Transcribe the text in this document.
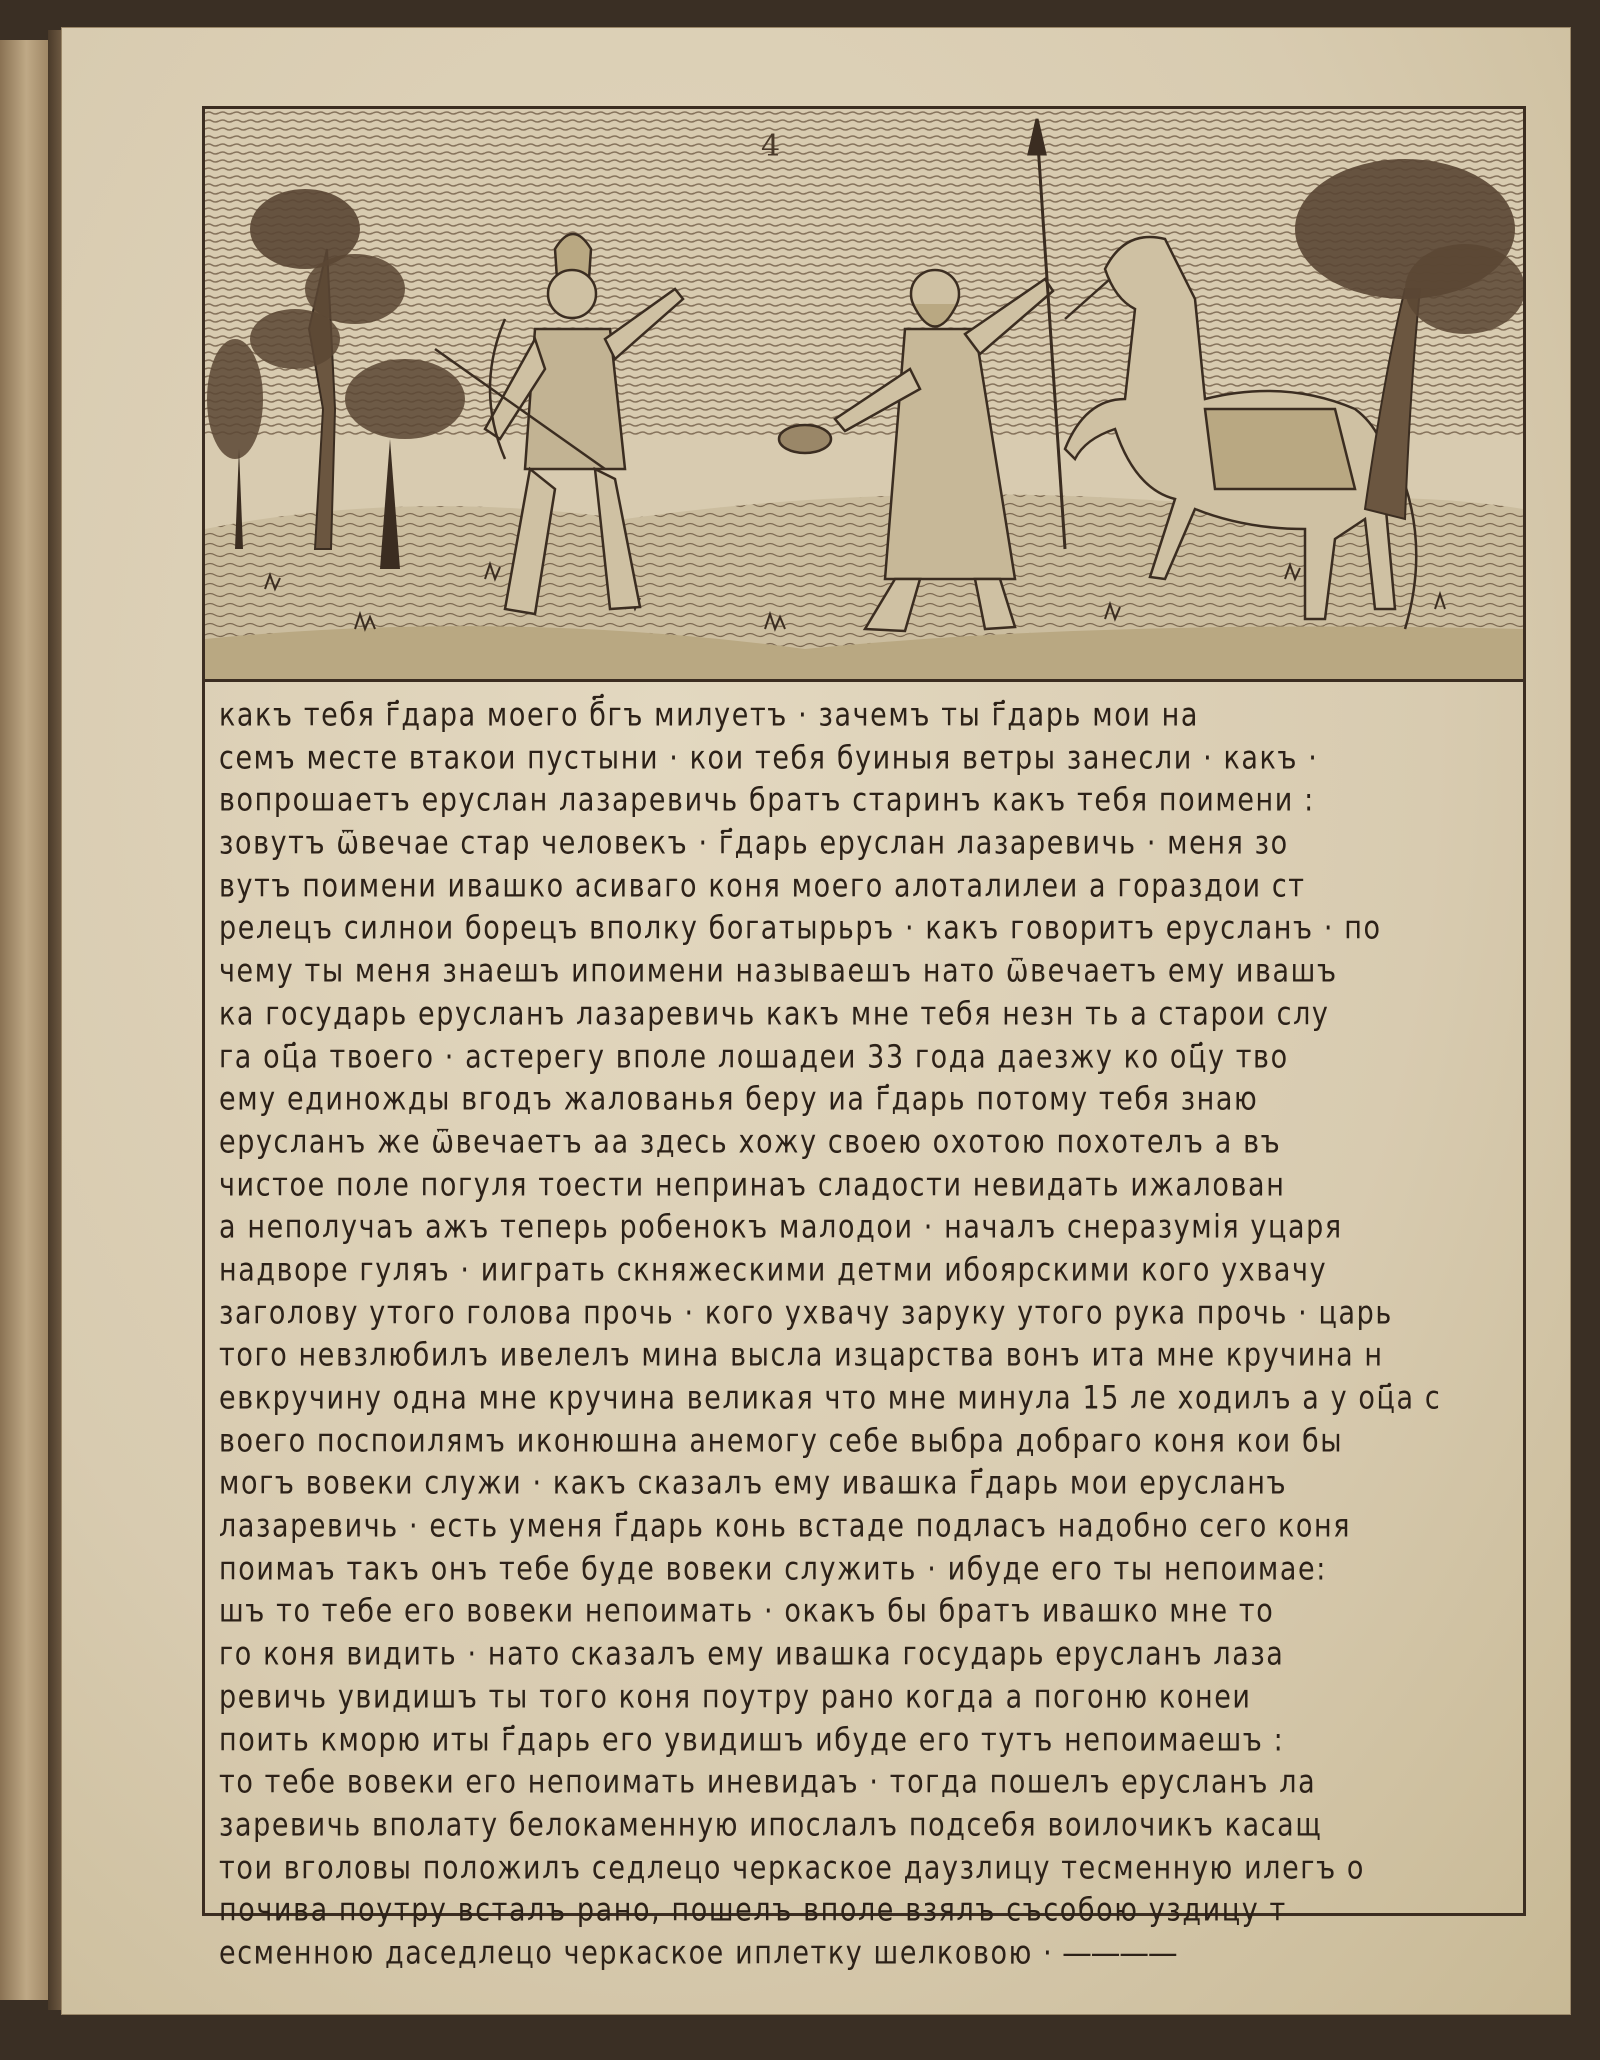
4
какъ тебя г҃дара моего б҃гъ милуетъ · зачемъ ты г҃дарь мои на
семъ месте втакои пустыни · кои тебя буиныя ветры занесли · какъ ·
вопрошаетъ еруслан лазаревичь братъ старинъ какъ тебя поимени :
зовутъ ѿвечае стар человекъ · г҃дарь еруслан лазаревичь · меня зо
вутъ поимени ивашко асиваго коня моего алоталилеи а гораздои ст
релецъ силнои борецъ вполку богатырьръ · какъ говоритъ ерусланъ · по
чему ты меня знаешъ ипоимени называешъ нато ѿвечаетъ ему ивашъ
ка государь ерусланъ лазаревичь какъ мне тебя незн ть а старои слу
га оц҃а твоего · астерегу вполе лошадеи 33 года даезжу ко оц҃у тво
ему единожды вгодъ жалованья беру иа г҃дарь потому тебя знаю
ерусланъ же ѿвечаетъ аа здесь хожу своею охотою похотелъ а въ
чистое поле погуля тоести непринаъ сладости невидать ижалован
а неполучаъ ажъ теперь робенокъ малодои · началъ снеразумія уцаря
надворе гуляъ · иигрaть скняжескими детми ибоярскими кого ухвачу
заголову утого голова прочь · кого ухвачу заруку утого рука прочь · царь
того невзлюбилъ ивелелъ мина высла изцарства вонъ ита мне кручина н
евкручину одна мне кручина великая что мне минула 15 ле ходилъ а у оц҃а с
воего поспоилямъ иконюшна анемогу себе выбра добраго коня кои бы
могъ вовеки служи · какъ сказалъ ему ивашка г҃дарь мои ерусланъ
лазаревичь · есть уменя г҃дарь конь встаде подласъ надобно сего коня
поимаъ такъ онъ тебе буде вовеки служить · ибуде его ты непоимае:
шъ то тебе его вовеки непоимать · окакъ бы братъ ивашко мне то
го коня видить · нато сказалъ ему ивашка государь ерусланъ лаза
ревичь увидишъ ты того коня поутру рано когда а погоню конеи
поить кморю иты г҃дарь его увидишъ ибуде его тутъ непоимаешъ :
то тебе вовеки его непоимать иневидаъ · тогда пошелъ ерусланъ ла
заревичь вполату белокаменную ипослалъ подсебя воилочикъ касащ
тои вголовы положилъ седлецо черкаское даузлицу тесменную илегъ о
почива поутру всталъ рано, пошелъ вполе взялъ съсобою уздицу т
есменною даседлецо черкаское иплетку шелковою · ――――
